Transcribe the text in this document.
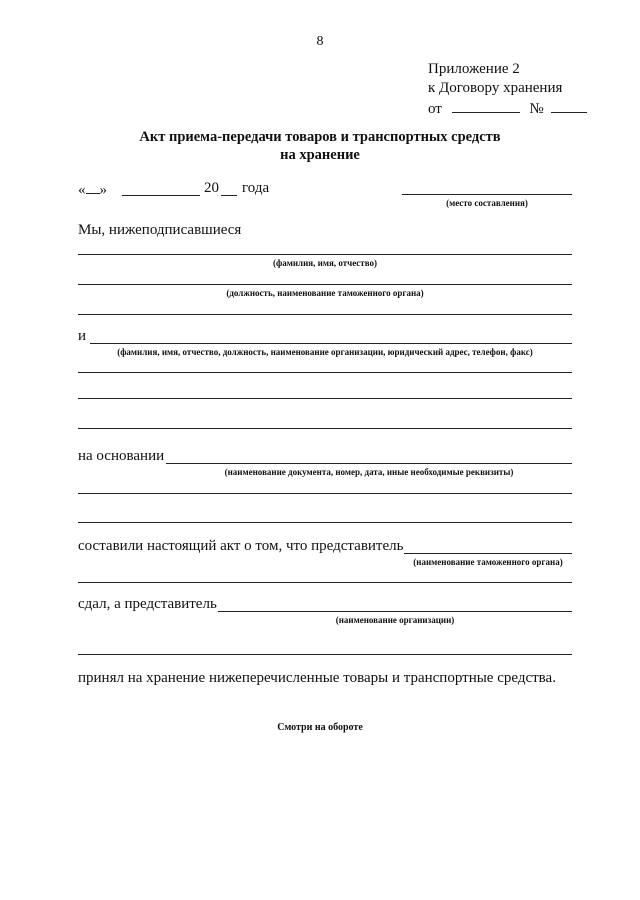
8
Приложение 2
к Договору хранения
от	№
Акт приема-передачи товаров и транспортных средств
на хранение
« »	20 года
(место составления)
Мы, нижеподписавшиеся
(фамилия, имя, отчество)
(должность, наименование таможенного органа)
и
(фамилия, имя, отчество, должность, наименование организации, юридический адрес, телефон, факс)
на основании
(наименование документа, номер, дата, иные необходимые реквизиты)
составили настоящий акт о том, что представитель
(наименование таможенного органа)
сдал, а представитель
(наименование организации)
принял на хранение нижеперечисленные товары и транспортные средства.
Смотри на обороте
